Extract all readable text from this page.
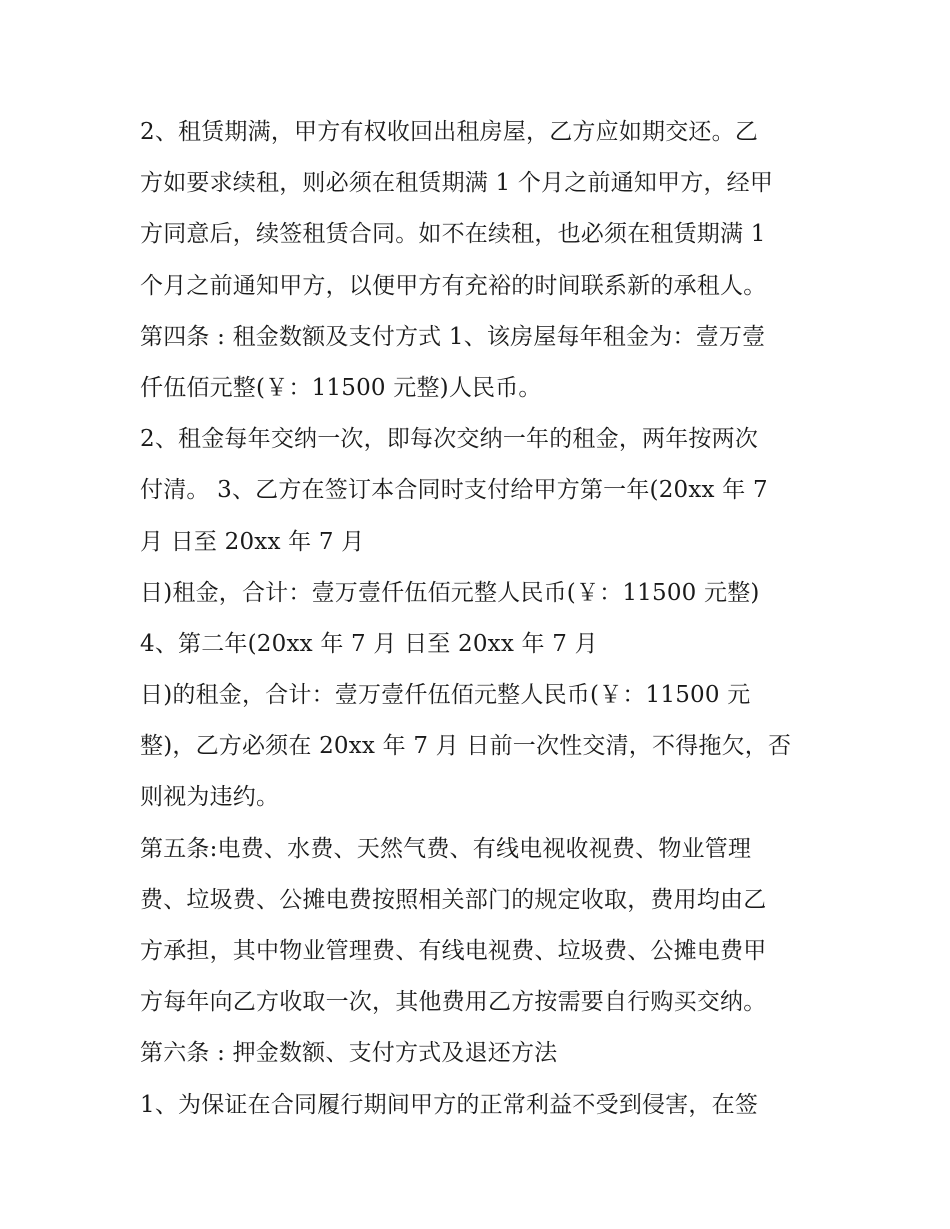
2、租赁期满，甲方有权收回出租房屋，乙方应如期交还。乙
方如要求续租，则必须在租赁期满 1 个月之前通知甲方，经甲
方同意后，续签租赁合同。如不在续租，也必须在租赁期满 1
个月之前通知甲方，以便甲方有充裕的时间联系新的承租人。
第四条 : 租金数额及支付方式 1、该房屋每年租金为：壹万壹
仟伍佰元整(￥：11500 元整)人民币。
2、租金每年交纳一次，即每次交纳一年的租金，两年按两次
付清。 3、乙方在签订本合同时支付给甲方第一年(20xx 年 7
月 日至 20xx 年 7 月
日)租金，合计：壹万壹仟伍佰元整人民币(￥：11500 元整)
4、第二年(20xx 年 7 月 日至 20xx 年 7 月
日)的租金，合计：壹万壹仟伍佰元整人民币(￥：11500 元
整)，乙方必须在 20xx 年 7 月 日前一次性交清，不得拖欠，否
则视为违约。
第五条:电费、水费、天然气费、有线电视收视费、物业管理
费、垃圾费、公摊电费按照相关部门的规定收取，费用均由乙
方承担，其中物业管理费、有线电视费、垃圾费、公摊电费甲
方每年向乙方收取一次，其他费用乙方按需要自行购买交纳。
第六条 : 押金数额、支付方式及退还方法
1、为保证在合同履行期间甲方的正常利益不受到侵害，在签
